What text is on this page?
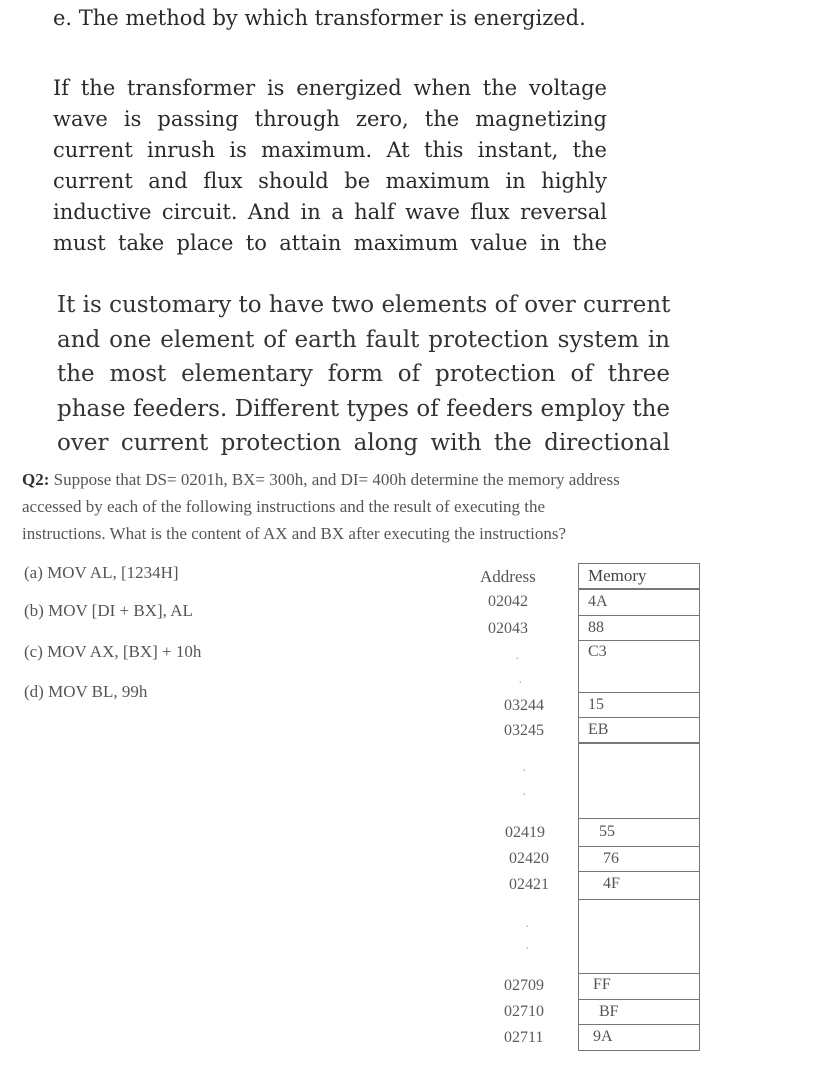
e. The method by which transformer is energized.
If the transformer is energized when the voltage
wave is passing through zero, the magnetizing
current inrush is maximum. At this instant, the
current and flux should be maximum in highly
inductive circuit. And in a half wave flux reversal
must take place to attain maximum value in the
It is customary to have two elements of over current
and one element of earth fault protection system in
the most elementary form of protection of three
phase feeders. Different types of feeders employ the
over current protection along with the directional
Q2: Suppose that DS= 0201h, BX= 300h, and DI= 400h determine the memory address
accessed by each of the following instructions and the result of executing the
instructions. What is the content of AX and BX after executing the instructions?
(a) MOV AL, [1234H]
(b) MOV [DI + BX], AL
(c) MOV AX, [BX] + 10h
(d) MOV BL, 99h
Address	Memory
4A
88
C3
15
EB
55
76
4F
FF
BF
9A
02042
02043
·
·
03244
03245
·
·
02419
02420
02421
·
·
02709
02710
02711
